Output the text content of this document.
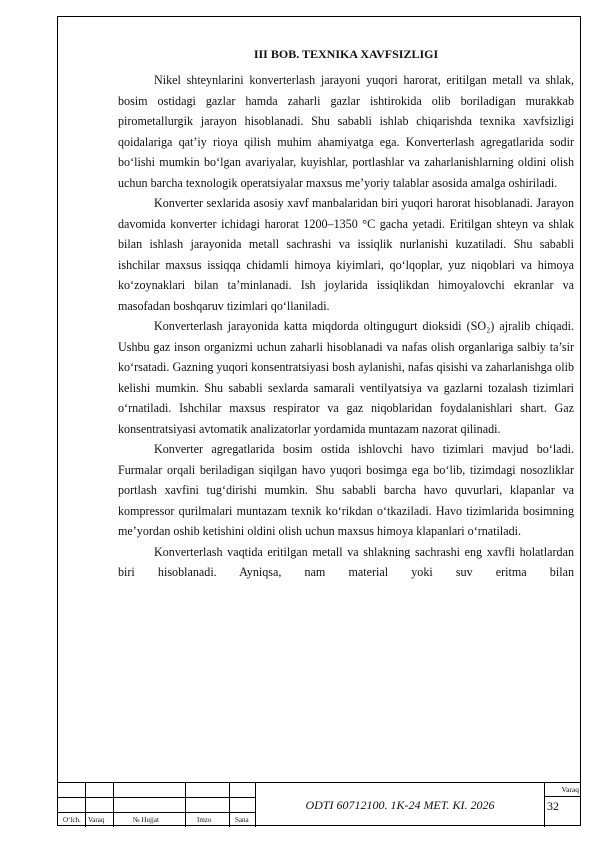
III BOB. TEXNIKA XAVFSIZLIGI

Nikel shteynlarini konverterlash jarayoni yuqori harorat, eritilgan metall va shlak, bosim ostidagi gazlar hamda zaharli gazlar ishtirokida olib boriladigan murakkab pirometallurgik jarayon hisoblanadi. Shu sababli ishlab chiqarishda texnika xavfsizligi qoidalariga qat’iy rioya qilish muhim ahamiyatga ega. Konverterlash agregatlarida sodir bo‘lishi mumkin bo‘lgan avariyalar, kuyishlar, portlashlar va zaharlanishlarning oldini olish uchun barcha texnologik operatsiyalar maxsus me’yoriy talablar asosida amalga oshiriladi.

Konverter sexlarida asosiy xavf manbalaridan biri yuqori harorat hisoblanadi. Jarayon davomida konverter ichidagi harorat 1200–1350 °C gacha yetadi. Eritilgan shteyn va shlak bilan ishlash jarayonida metall sachrashi va issiqlik nurlanishi kuzatiladi. Shu sababli ishchilar maxsus issiqqa chidamli himoya kiyimlari, qo‘lqoplar, yuz niqoblari va himoya ko‘zoynaklari bilan ta’minlanadi. Ish joylarida issiqlikdan himoyalovchi ekranlar va masofadan boshqaruv tizimlari qo‘llaniladi.

Konverterlash jarayonida katta miqdorda oltingugurt dioksidi (SO₂) ajralib chiqadi. Ushbu gaz inson organizmi uchun zaharli hisoblanadi va nafas olish organlariga salbiy ta’sir ko‘rsatadi. Gazning yuqori konsentratsiyasi bosh aylanishi, nafas qisishi va zaharlanishga olib kelishi mumkin. Shu sababli sexlarda samarali ventilyatsiya va gazlarni tozalash tizimlari o‘rnatiladi. Ishchilar maxsus respirator va gaz niqoblaridan foydalanishlari shart. Gaz konsentratsiyasi avtomatik analizatorlar yordamida muntazam nazorat qilinadi.

Konverter agregatlarida bosim ostida ishlovchi havo tizimlari mavjud bo‘ladi. Furmalar orqali beriladigan siqilgan havo yuqori bosimga ega bo‘lib, tizimdagi nosozliklar portlash xavfini tug‘dirishi mumkin. Shu sababli barcha havo quvurlari, klapanlar va kompressor qurilmalari muntazam texnik ko‘rikdan o‘tkaziladi. Havo tizimlarida bosimning me’yordan oshib ketishini oldini olish uchun maxsus himoya klapanlari o‘rnatiladi.

Konverterlash vaqtida eritilgan metall va shlakning sachrashi eng xavfli holatlardan biri hisoblanadi. Ayniqsa, nam material yoki suv eritma bilan

O‘lch. Varaq	№ Hujjat	Imzo	Sana
ODTI 60712100. 1K-24 MET. KI. 2026
Varaq
32
